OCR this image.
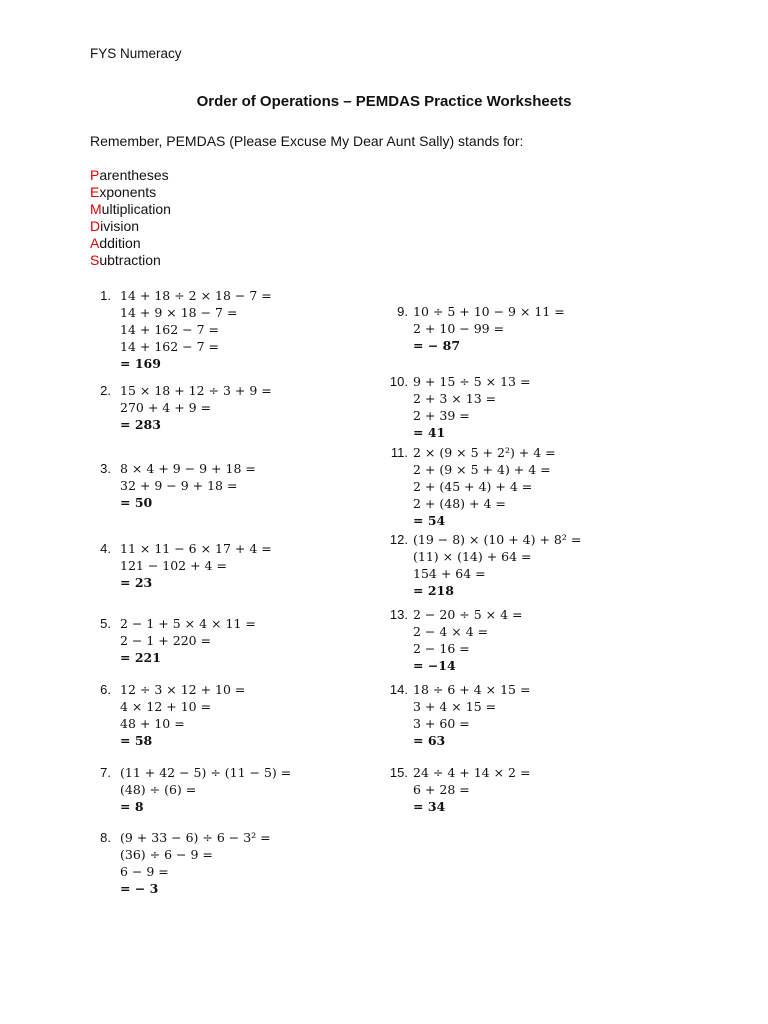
FYS Numeracy
Order of Operations – PEMDAS Practice Worksheets
Remember, PEMDAS (Please Excuse My Dear Aunt Sally) stands for:
Parentheses
Exponents
Multiplication
Division
Addition
Subtraction
1. 14 + 18 ÷ 2 × 18 − 7 =
14 + 9 × 18 − 7 =
14 + 162 − 7 =
14 + 162 − 7 =
= 169
2. 15 × 18 + 12 ÷ 3 + 9 =
270 + 4 + 9 =
= 283
3. 8 × 4 + 9 − 9 + 18 =
32 + 9 − 9 + 18 =
= 50
4. 11 × 11 − 6 × 17 + 4 =
121 − 102 + 4 =
= 23
5. 2 − 1 + 5 × 4 × 11 =
2 − 1 + 220 =
= 221
6. 12 ÷ 3 × 12 + 10 =
4 × 12 + 10 =
48 + 10 =
= 58
7. (11 + 42 − 5) ÷ (11 − 5) =
(48) ÷ (6) =
= 8
8. (9 + 33 − 6) ÷ 6 − 3² =
(36) ÷ 6 − 9 =
6 − 9 =
= − 3
9. 10 ÷ 5 + 10 − 9 × 11 =
2 + 10 − 99 =
= − 87
10. 9 + 15 ÷ 5 × 13 =
2 + 3 × 13 =
2 + 39 =
= 41
11. 2 × (9 × 5 + 2²) + 4 =
2 + (9 × 5 + 4) + 4 =
2 + (45 + 4) + 4 =
2 + (48) + 4 =
= 54
12. (19 − 8) × (10 + 4) + 8² =
(11) × (14) + 64 =
154 + 64 =
= 218
13. 2 − 20 ÷ 5 × 4 =
2 − 4 × 4 =
2 − 16 =
= −14
14. 18 ÷ 6 + 4 × 15 =
3 + 4 × 15 =
3 + 60 =
= 63
15. 24 ÷ 4 + 14 × 2 =
6 + 28 =
= 34
